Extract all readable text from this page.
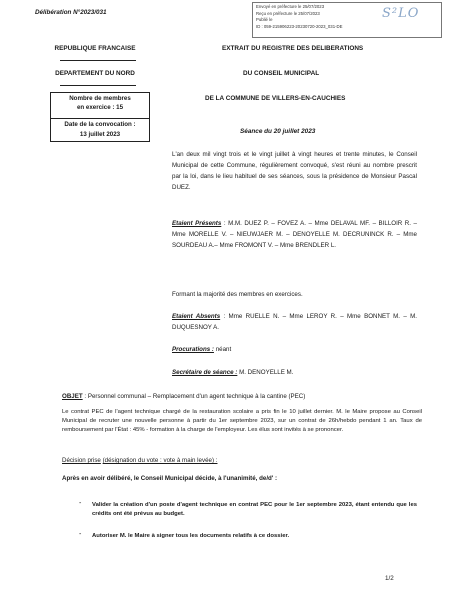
Envoyé en préfecture le 25/07/2023
Reçu en préfecture le 25/07/2023
Publié le
ID : 059-215906223-20230720-2023_031-DE
S²LO
Délibération N°2023/031
REPUBLIQUE FRANCAISE
DEPARTEMENT DU NORD
Nombre de membres
en exercice : 15
Date de la convocation :
13 juillet 2023
EXTRAIT DU REGISTRE DES DELIBERATIONS
DU CONSEIL MUNICIPAL
DE LA COMMUNE DE VILLERS-EN-CAUCHIES
Séance du 20 juillet 2023
L'an deux mil vingt trois et le vingt juillet à vingt heures et trente minutes, le Conseil Municipal de cette Commune, régulièrement convoqué, s'est réuni au nombre prescrit par la loi, dans le lieu habituel de ses séances, sous la présidence de Monsieur Pascal DUEZ.
Etaient Présents : M.M. DUEZ P. – FOVEZ A. – Mme DELAVAL MF. – BILLOIR R. – Mme MORELLE V. – NIEUWJAER M. – DENOYELLE M. DECRUNINCK R. – Mme SOURDEAU A.– Mme FROMONT V. – Mme BRENDLER L.
Formant la majorité des membres en exercices.
Etaient Absents : Mme RUELLE N. – Mme LEROY R. – Mme BONNET M. – M. DUQUESNOY A.
Procurations : néant
Secrétaire de séance : M. DENOYELLE M.
OBJET : Personnel communal – Remplacement d'un agent technique à la cantine (PEC)
Le contrat PEC de l'agent technique chargé de la restauration scolaire a pris fin le 10 juillet dernier. M. le Maire propose au Conseil Municipal de recruter une nouvelle personne à partir du 1er septembre 2023, sur un contrat de 26h/hebdo pendant 1 an. Taux de remboursement par l'État : 45% - formation à la charge de l'employeur. Les élus sont invités à se prononcer.
Décision prise (désignation du vote : vote à main levée) :
Après en avoir délibéré, le Conseil Municipal décide, à l'unanimité, de/d' :
- Valider la création d'un poste d'agent technique en contrat PEC pour le 1er septembre 2023, étant entendu que les crédits ont été prévus au budget.
- Autoriser M. le Maire à signer tous les documents relatifs à ce dossier.
1/2
